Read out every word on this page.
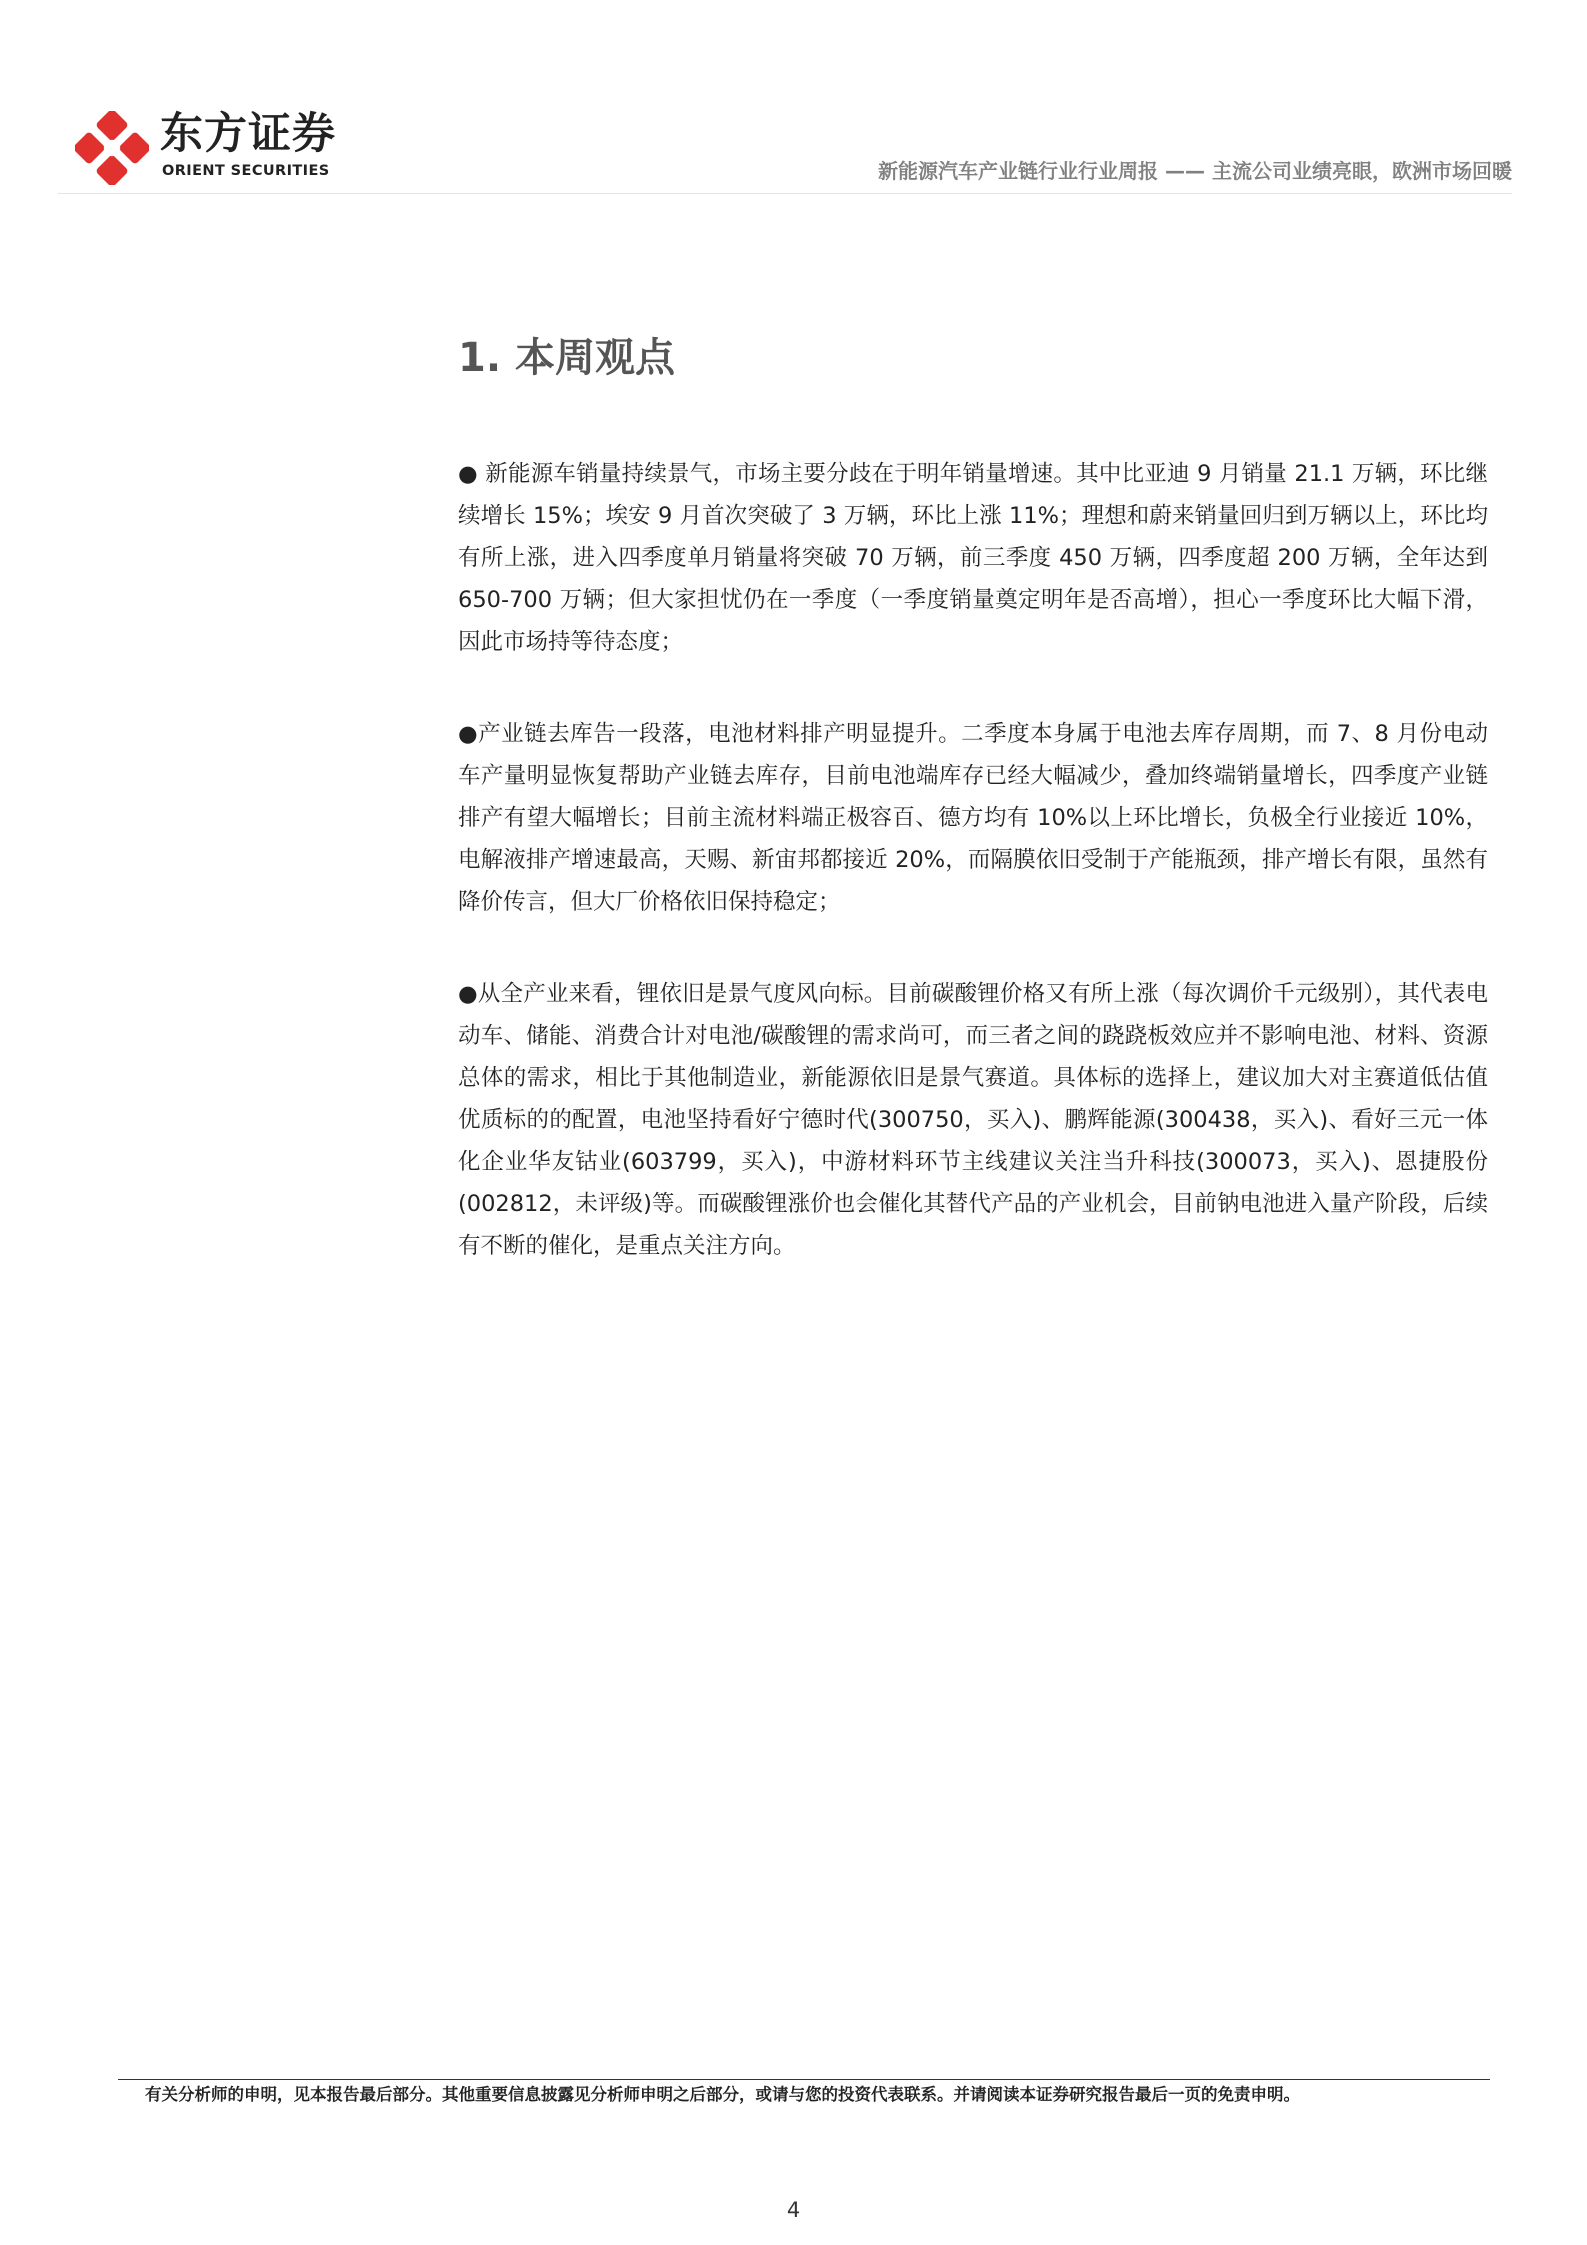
东方证券
ORIENT SECURITIES	新能源汽车产业链行业行业周报 —— 主流公司业绩亮眼，欧洲市场回暖
1. 本周观点

● 新能源车销量持续景气，市场主要分歧在于明年销量增速。其中比亚迪 9 月销量 21.1 万辆，环比继续增长 15%；埃安 9 月首次突破了 3 万辆，环比上涨 11%；理想和蔚来销量回归到万辆以上，环比均有所上涨，进入四季度单月销量将突破 70 万辆，前三季度 450 万辆，四季度超 200 万辆，全年达到 650-700 万辆；但大家担忧仍在一季度（一季度销量奠定明年是否高增），担心一季度环比大幅下滑，因此市场持等待态度；

●产业链去库告一段落，电池材料排产明显提升。二季度本身属于电池去库存周期，而 7、8 月份电动车产量明显恢复帮助产业链去库存，目前电池端库存已经大幅减少，叠加终端销量增长，四季度产业链排产有望大幅增长；目前主流材料端正极容百、德方均有 10%以上环比增长，负极全行业接近 10%，电解液排产增速最高，天赐、新宙邦都接近 20%，而隔膜依旧受制于产能瓶颈，排产增长有限，虽然有降价传言，但大厂价格依旧保持稳定；

●从全产业来看，锂依旧是景气度风向标。目前碳酸锂价格又有所上涨（每次调价千元级别），其代表电动车、储能、消费合计对电池/碳酸锂的需求尚可，而三者之间的跷跷板效应并不影响电池、材料、资源总体的需求，相比于其他制造业，新能源依旧是景气赛道。具体标的选择上，建议加大对主赛道低估值优质标的的配置，电池坚持看好宁德时代(300750，买入)、鹏辉能源(300438，买入)、看好三元一体化企业华友钴业(603799，买入)，中游材料环节主线建议关注当升科技(300073，买入)、恩捷股份(002812，未评级)等。而碳酸锂涨价也会催化其替代产品的产业机会，目前钠电池进入量产阶段，后续有不断的催化，是重点关注方向。

有关分析师的申明，见本报告最后部分。其他重要信息披露见分析师申明之后部分，或请与您的投资代表联系。并请阅读本证券研究报告最后一页的免责申明。
4
